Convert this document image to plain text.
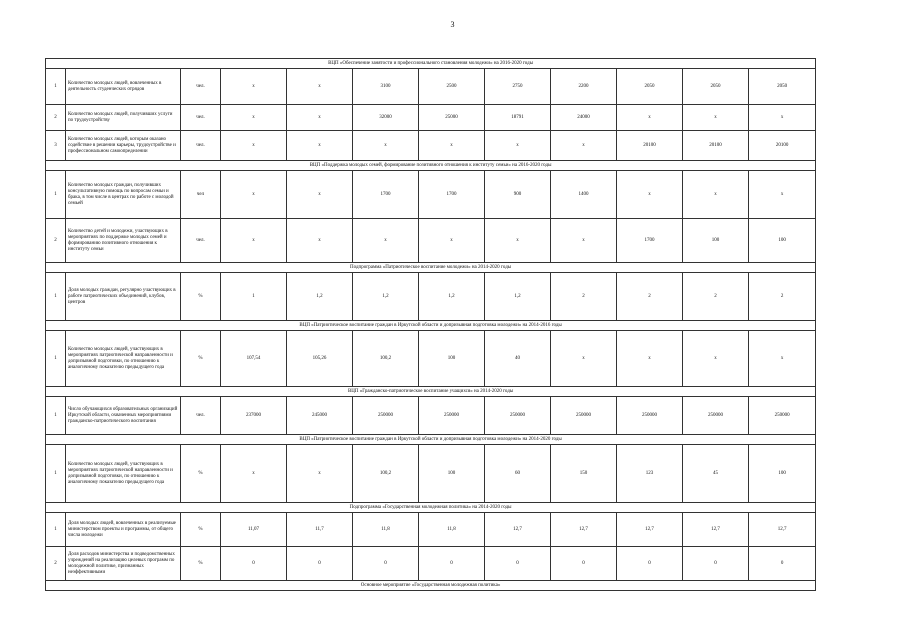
3
ВЦП «Обеспечение занятости и профессионального становления молодежи» на 2016-2020 годы											
1	Количество молодых людей, вовлеченных в деятельность студенческих отрядов	чел.	х	х	3100	2500	2750	2200	2050	2050	2050
2	Количество молодых людей, получивших услуги по трудоустройству	чел.	х	х	32000	25000	18791	24000	х	х	х
3	Количество молодых людей, которым оказано содействие в решении карьеры, трудоустройстве и профессиональном самоопределении	чел.	х	х	х	х	х	х	20100	20100	20100
ВЦП «Поддержка молодых семей, формирование позитивного отношения к институту семьи» на 2016-2020 годы											
1	Количество молодых граждан, получивших консультативную помощь по вопросам семьи и брака, в том числе в центрах по работе с молодой семьей	чел	х	х	1700	1700	900	1400	х	х	х
2	Количество детей и молодежи, участвующих в мероприятиях по поддержке молодых семей и формированию позитивного отношения к институту семьи	чел.	х	х	х	х	х	х	1700	100	100
Подпрограмма «Патриотическое воспитание молодежи» на 2014-2020 годы											
1	Доля молодых граждан, регулярно участвующих в работе патриотических объединений, клубов, центров	%	1	1,2	1,2	1,2	1,2	2	2	2	2
ВЦП «Патриотическое воспитание граждан в Иркутской области и допризывная подготовка молодежи» на 2014-2016 годы											
1	Количество молодых людей, участвующих в мероприятиях патриотической направленности и допризывной подготовки, по отношению к аналогичному показателю предыдущего года	%	107,54	105,26	100,2	100	40	х	х	х	х
ВЦП «Гражданско-патриотическое воспитание учащихся» на 2014-2020 годы											
1	Число обучающихся образовательных организаций Иркутской области, охваченных мероприятиями гражданско-патриотического воспитания	чел.	237000	245000	250000	250000	250000	250000	250000	250000	250000
ВЦП «Патриотическое воспитание граждан в Иркутской области и допризывная подготовка молодежи» на 2014-2020 годы											
1	Количество молодых людей, участвующих в мероприятиях патриотической направленности и допризывной подготовки, по отношению к аналогичному показателю предыдущего года	%	х	х	100,2	100	60	150	123	45	100
Подпрограмма «Государственная молодежная политика» на 2014-2020 годы											
1	Доля молодых людей, вовлеченных в реализуемые министерством проекты и программы, от общего числа молодежи	%	11,07	11,7	11,8	11,8	12,7	12,7	12,7	12,7	12,7
2	Доля расходов министерства и подведомственных учреждений на реализацию целевых программ по молодежной политике, признанных неэффективными	%	0	0	0	0	0	0	0	0	0
Основное мероприятие «Государственная молодежная политика»											
